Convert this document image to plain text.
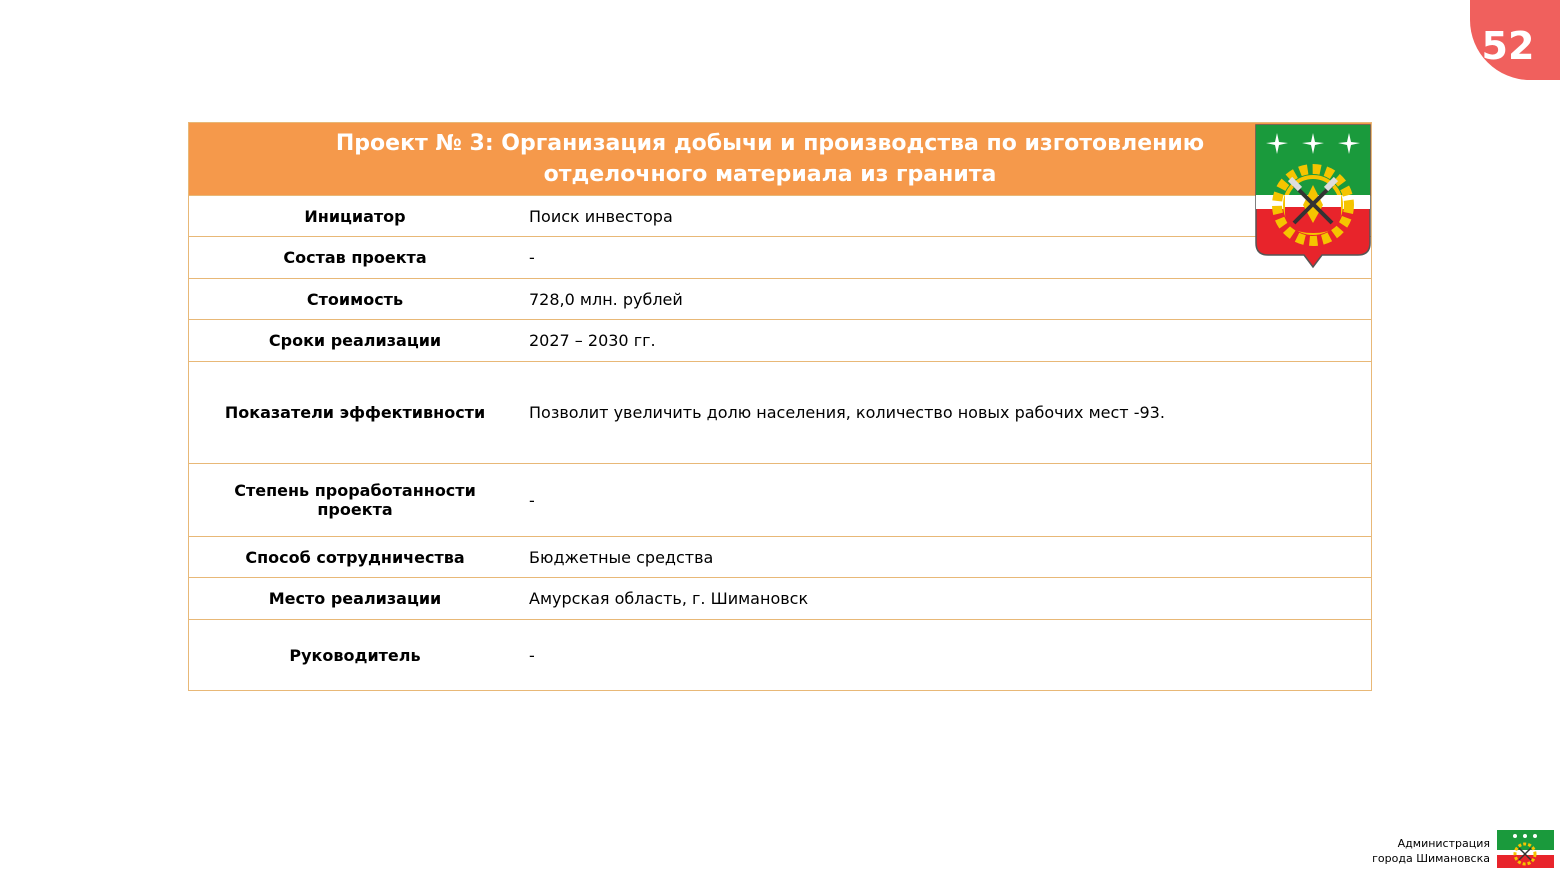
52
Проект № 3: Организация добычи и производства по изготовлению отделочного материала из гранита
Инициатор	Поиск инвестора
Состав проекта	-
Стоимость	728,0 млн. рублей
Сроки реализации	2027 – 2030 гг.
Показатели эффективности	Позволит увеличить долю населения, количество новых рабочих мест -93.
Степень проработанности проекта	-
Способ сотрудничества	Бюджетные средства
Место реализации	Амурская область, г. Шимановск
Руководитель	-
Администрация
города Шимановска
